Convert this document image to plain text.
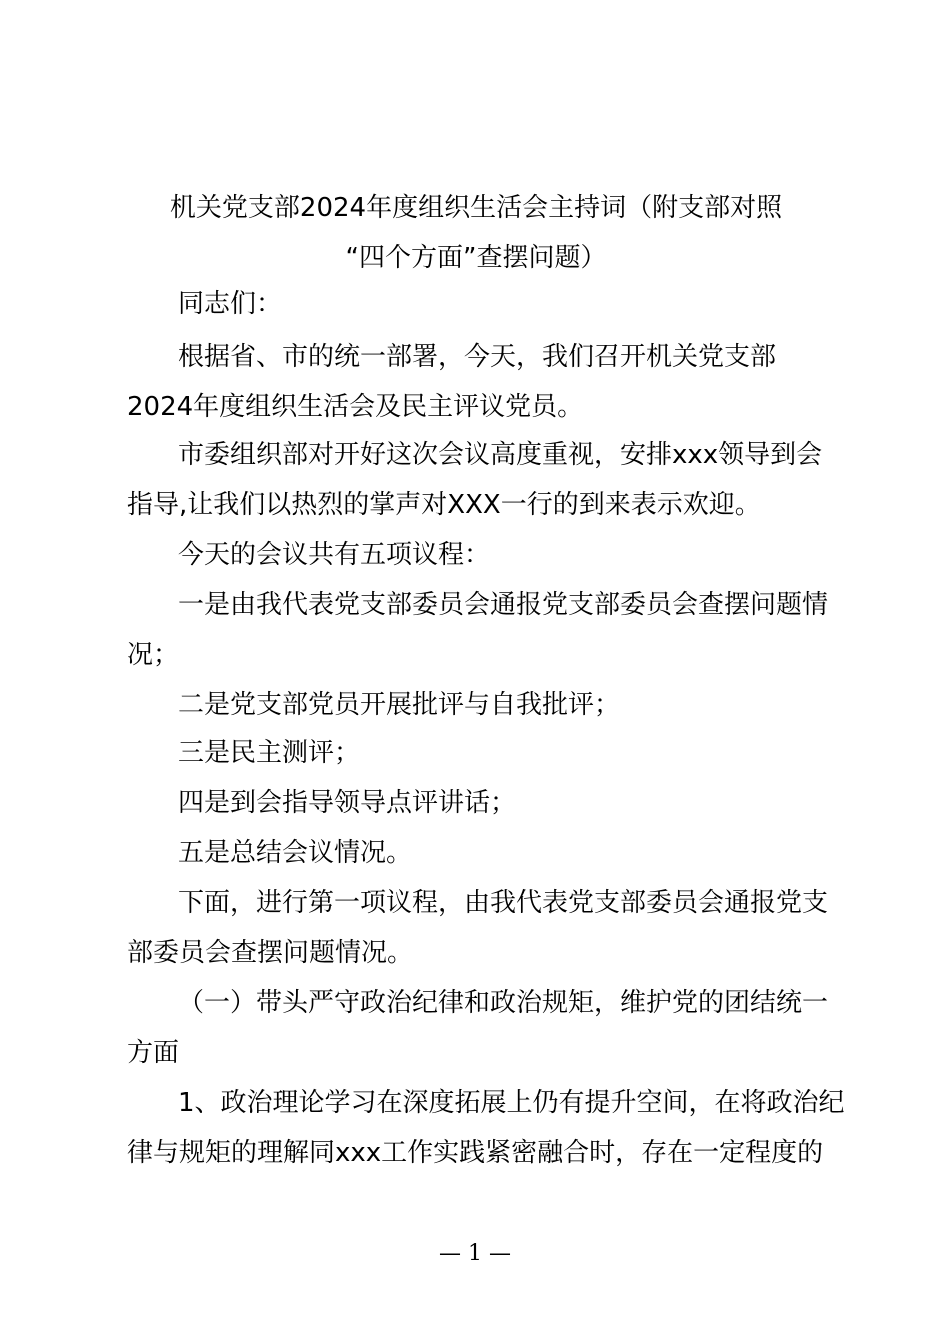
机关党支部2024年度组织生活会主持词（附支部对照
“四个方面”查摆问题）
同志们：
根据省、市的统一部署，今天，我们召开机关党支部
2024年度组织生活会及民主评议党员。
市委组织部对开好这次会议高度重视，安排xxx领导到会
指导,让我们以热烈的掌声对XXX一行的到来表示欢迎。
今天的会议共有五项议程：
一是由我代表党支部委员会通报党支部委员会查摆问题情
况；
二是党支部党员开展批评与自我批评；
三是民主测评；
四是到会指导领导点评讲话；
五是总结会议情况。
下面，进行第一项议程，由我代表党支部委员会通报党支
部委员会查摆问题情况。
（一）带头严守政治纪律和政治规矩，维护党的团结统一
方面
1、政治理论学习在深度拓展上仍有提升空间，在将政治纪
律与规矩的理解同xxx工作实践紧密融合时，存在一定程度的
— 1 —
